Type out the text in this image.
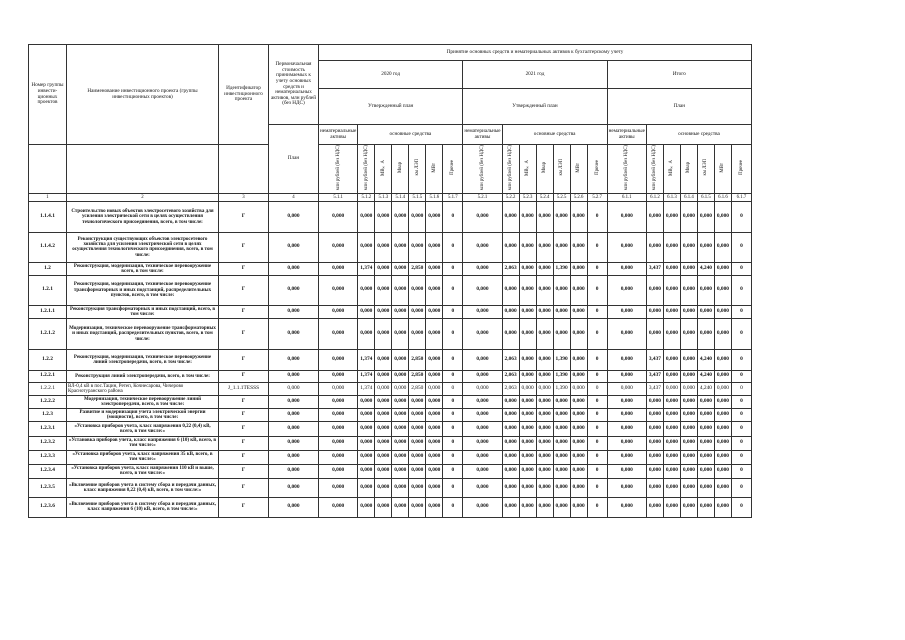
Номер группы инвести-ционных проектов	Наименование инвестиционного проекта (группы инвестиционных проектов)	Идентификатор инвестиционного проекта	Первоначальная стоимость принимаемых к учету основных средств и нематериальных активов, млн рублей (без НДС)	Принятие основных средств и нематериальных активов к бухгалтерскому учету																				
				2020 год							2021 год							Итого						
				Утвержденный план							Утвержденный план							План						
			План	нематериальные активы	основные средства						нематериальные активы	основные средства						нематериальные активы	основные средства					
				млн рублей (без НДС)	млн рублей (без НДС)	МВ×А	Мвар	км ЛЭП	МВт	Прочее	млн рублей (без НДС)	млн рублей (без НДС)	МВ×А	Мвар	км ЛЭП	МВт	Прочее	млн рублей (без НДС)	млн рублей (без НДС)	МВ×А	Мвар	км ЛЭП	МВт	Прочее
1	2	3	4	5.1.1	5.1.2	5.1.3	5.1.4	5.1.5	5.1.6	5.1.7	5.2.1	5.2.2	5.2.3	5.2.4	5.2.5	5.2.6	5.2.7	6.1.1	6.1.2	6.1.3	6.1.4	6.1.5	6.1.6	6.1.7
1.1.4.1	Строительство новых объектов электросетевого хозяйства для усиления электрической сети в целях осуществления технологического присоединения, всего, в том числе:	Г	0,000	0,000	0,000	0,000	0,000	0,000	0,000	0	0,000	0,000	0,000	0,000	0,000	0,000	0	0,000	0,000	0,000	0,000	0,000	0,000	0
1.1.4.2	Реконструкция существующих объектов электросетевого хозяйства для усиления электрической сети в целях осуществления технологического присоединения, всего, в том числе:	Г	0,000	0,000	0,000	0,000	0,000	0,000	0,000	0	0,000	0,000	0,000	0,000	0,000	0,000	0	0,000	0,000	0,000	0,000	0,000	0,000	0
1.2	Реконструкция, модернизация, техническое перевооружение всего, в том числе:	Г	0,000	0,000	1,374	0,000	0,000	2,850	0,000	0	0,000	2,063	0,000	0,000	1,390	0,000	0	0,000	3,437	0,000	0,000	4,240	0,000	0
1.2.1	Реконструкция, модернизация, техническое перевооружение трансформаторных и иных подстанций, распределительных пунктов, всего, в том числе:	Г	0,000	0,000	0,000	0,000	0,000	0,000	0,000	0	0,000	0,000	0,000	0,000	0,000	0,000	0	0,000	0,000	0,000	0,000	0,000	0,000	0
1.2.1.1	Реконструкция трансформаторных и иных подстанций, всего, в том числе:	Г	0,000	0,000	0,000	0,000	0,000	0,000	0,000	0	0,000	0,000	0,000	0,000	0,000	0,000	0	0,000	0,000	0,000	0,000	0,000	0,000	0
1.2.1.2	Модернизация, техническое перевооружение трансформаторных и иных подстанций, распределительных пунктов, всего, в том числе:	Г	0,000	0,000	0,000	0,000	0,000	0,000	0,000	0	0,000	0,000	0,000	0,000	0,000	0,000	0	0,000	0,000	0,000	0,000	0,000	0,000	0
1.2.2	Реконструкция, модернизация, техническое перевооружение линий электропередачи, всего, в том числе:	Г	0,000	0,000	1,374	0,000	0,000	2,850	0,000	0	0,000	2,063	0,000	0,000	1,390	0,000	0	0,000	3,437	0,000	0,000	4,240	0,000	0
1.2.2.1	Реконструкция линий электропередачи, всего, в том числе:	Г	0,000	0,000	1,374	0,000	0,000	2,850	0,000	0	0,000	2,063	0,000	0,000	1,390	0,000	0	0,000	3,437	0,000	0,000	4,240	0,000	0
1.2.2.1	ВЛ-0,4 кВ в пос.Тацин, Ретеп, Кочнесарова, Чичерово Краснотуранского района	J_1.1.1TESSS	0,000	0,000	1,374	0,000	0,000	2,850	0,000	0	0,000	2,063	0,000	0,000	1,390	0,000	0	0,000	3,437	0,000	0,000	4,240	0,000	0
1.2.2.2	Модернизация, техническое перевооружение линий электропередачи, всего, в том числе:	Г	0,000	0,000	0,000	0,000	0,000	0,000	0,000	0	0,000	0,000	0,000	0,000	0,000	0,000	0	0,000	0,000	0,000	0,000	0,000	0,000	0
1.2.3	Развитие и модернизация учета электрической энергии (мощности), всего, в том числе:	Г	0,000	0,000	0,000	0,000	0,000	0,000	0,000	0	0,000	0,000	0,000	0,000	0,000	0,000	0	0,000	0,000	0,000	0,000	0,000	0,000	0
1.2.3.1	«Установка приборов учета, класс напряжения 0,22 (0,4) кВ, всего, в том числе:»	Г	0,000	0,000	0,000	0,000	0,000	0,000	0,000	0	0,000	0,000	0,000	0,000	0,000	0,000	0	0,000	0,000	0,000	0,000	0,000	0,000	0
1.2.3.2	«Установка приборов учета, класс напряжения 6 (10) кВ, всего, в том числе:»	Г	0,000	0,000	0,000	0,000	0,000	0,000	0,000	0	0,000	0,000	0,000	0,000	0,000	0,000	0	0,000	0,000	0,000	0,000	0,000	0,000	0
1.2.3.3	«Установка приборов учета, класс напряжения 35 кВ, всего, в том числе:»	Г	0,000	0,000	0,000	0,000	0,000	0,000	0,000	0	0,000	0,000	0,000	0,000	0,000	0,000	0	0,000	0,000	0,000	0,000	0,000	0,000	0
1.2.3.4	«Установка приборов учета, класс напряжения 110 кВ и выше, всего, в том числе:»	Г	0,000	0,000	0,000	0,000	0,000	0,000	0,000	0	0,000	0,000	0,000	0,000	0,000	0,000	0	0,000	0,000	0,000	0,000	0,000	0,000	0
1.2.3.5	«Включение приборов учета в систему сбора и передачи данных, класс напряжения 0,22 (0,4) кВ, всего, в том числе:»	Г	0,000	0,000	0,000	0,000	0,000	0,000	0,000	0	0,000	0,000	0,000	0,000	0,000	0,000	0	0,000	0,000	0,000	0,000	0,000	0,000	0
1.2.3.6	«Включение приборов учета в систему сбора и передачи данных, класс напряжения 6 (10) кВ, всего, в том числе:»	Г	0,000	0,000	0,000	0,000	0,000	0,000	0,000	0	0,000	0,000	0,000	0,000	0,000	0,000	0	0,000	0,000	0,000	0,000	0,000	0,000	0
